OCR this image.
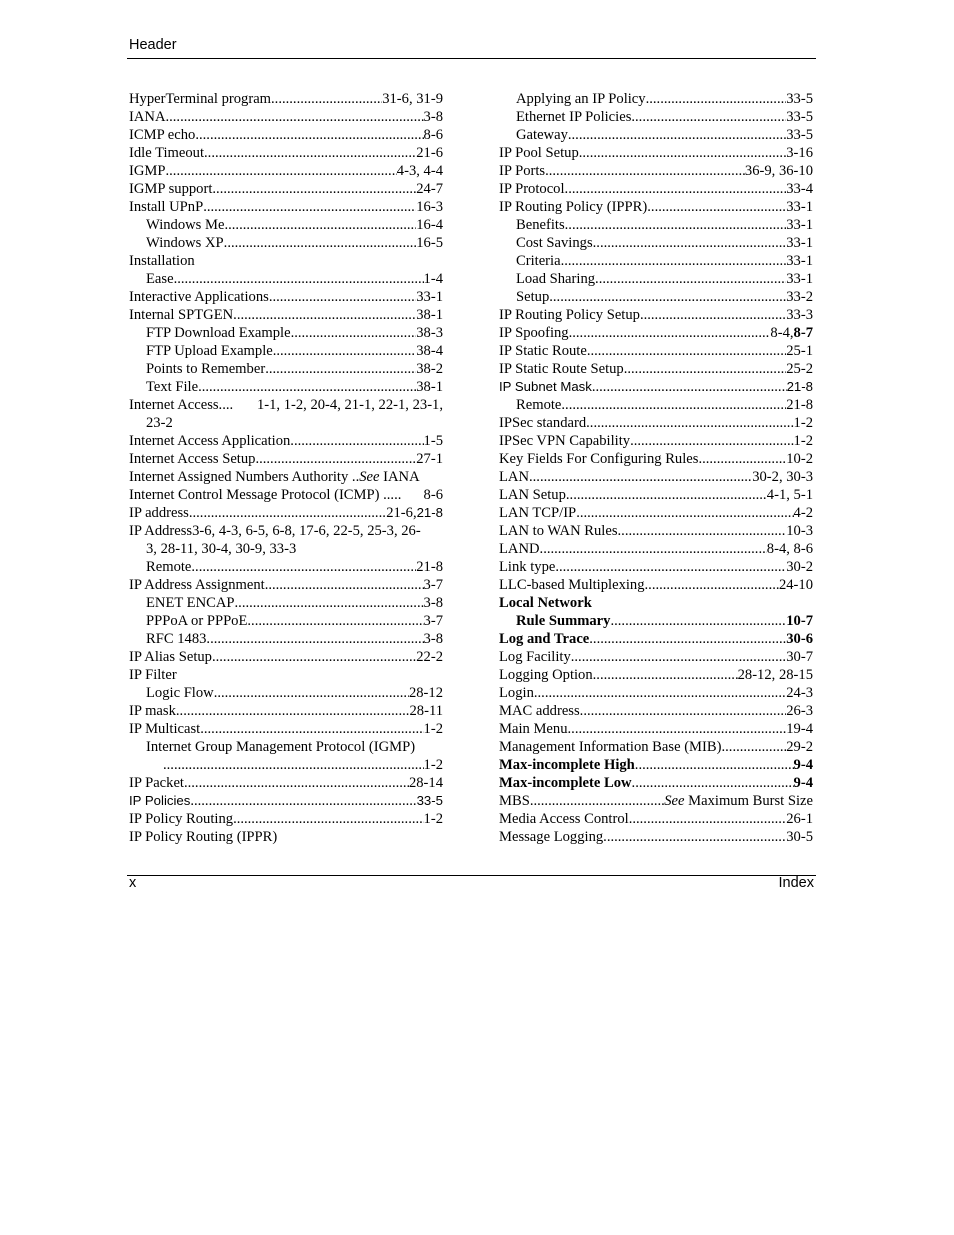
Header
HyperTerminal program .....	31-6, 31-9
IANA .....	3-8
ICMP echo .....	8-6
Idle Timeout .....	21-6
IGMP .....	4-3, 4-4
IGMP support .....	24-7
Install UPnP .....	16-3
Windows Me .....	16-4
Windows XP .....	16-5
Installation
Ease .....	1-4
Interactive Applications .....	33-1
Internal SPTGEN .....	38-1
FTP Download Example .....	38-3
FTP Upload Example .....	38-4
Points to Remember .....	38-2
Text File .....	38-1
Internet Access.... 1-1, 1-2, 20-4, 21-1, 22-1, 23-1,
23-2
Internet Access Application .....	1-5
Internet Access Setup .....	27-1
Internet Assigned Numbers Authority .. See
IANA
Internet Control Message Protocol (ICMP) ..... 8-6
IP address .....	21-6, 21-8
IP Address3-6, 4-3, 6-5, 6-8, 17-6, 22-5, 25-3, 26-
3, 28-11, 30-4, 30-9, 33-3
Remote .....	21-8
IP Address Assignment .....	3-7
ENET ENCAP .....	3-8
PPPoA or PPPoE .....	3-7
RFC 1483 .....	3-8
IP Alias Setup .....	22-2
IP Filter
Logic Flow .....	28-12
IP mask .....	28-11
IP Multicast .....	1-2
Internet Group Management Protocol (IGMP)
.....
1-2
IP Packet .....	28-14
IP Policies .....	33-5
IP Policy Routing .....	1-2
IP Policy Routing (IPPR)
Applying an IP Policy .....	33-5
Ethernet IP Policies .....	33-5
Gateway .....	33-5
IP Pool Setup .....	3-16
IP Ports .....	36-9, 36-10
IP Protocol .....	33-4
IP Routing Policy (IPPR) .....	33-1
Benefits .....	33-1
Cost Savings .....	33-1
Criteria .....	33-1
Load Sharing .....	33-1
Setup .....	33-2
IP Routing Policy Setup .....	33-3
IP Spoofing .....	8-4, 8-7
IP Static Route .....	25-1
IP Static Route Setup .....	25-2
IP Subnet Mask .....	21-8
Remote .....	21-8
IPSec standard .....	1-2
IPSec VPN Capability .....	1-2
Key Fields For Configuring Rules .....	10-2
LAN .....	30-2, 30-3
LAN Setup .....	4-1, 5-1
LAN TCP/IP .....	4-2
LAN to WAN Rules .....	10-3
LAND .....	8-4, 8-6
Link type .....	30-2
LLC-based Multiplexing .....	24-10
Local Network
Rule Summary .....	10-7
Log and Trace .....	30-6
Log Facility .....	30-7
Logging Option .....	28-12, 28-15
Login .....	24-3
MAC address .....	26-3
Main Menu .....	19-4
Management Information Base (MIB) .....	29-2
Max-incomplete High .....	9-4
Max-incomplete Low .....	9-4
MBS .....	See
Maximum Burst Size
Media Access Control .....	26-1
Message Logging .....	30-5
x	Index
